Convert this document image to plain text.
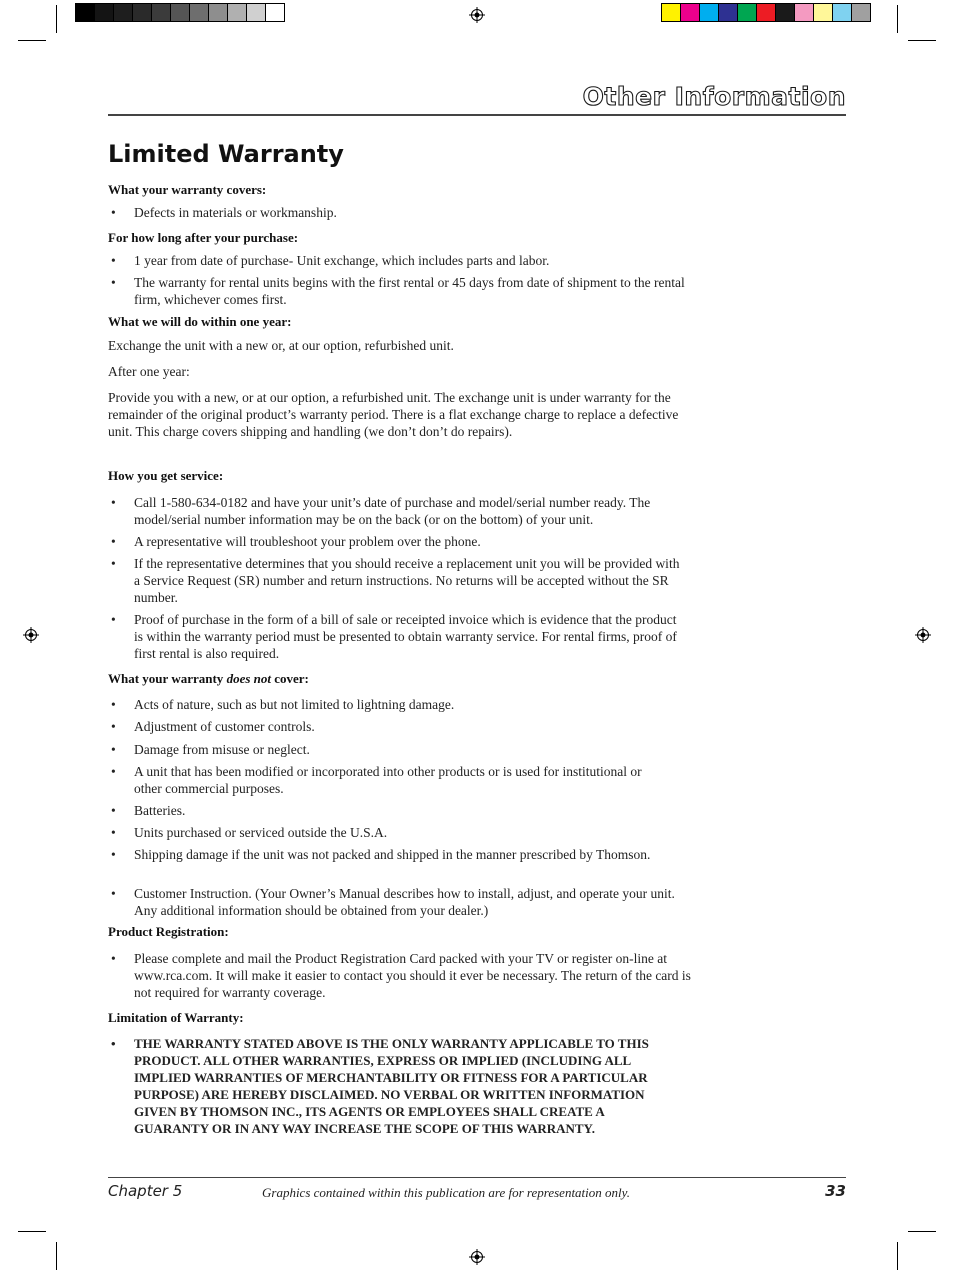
Other Information
Limited Warranty
What your warranty covers:
• Defects in materials or workmanship.
For how long after your purchase:
• 1 year from date of purchase- Unit exchange, which includes parts and labor.
• The warranty for rental units begins with the first rental or 45 days from date of shipment to the rental firm, whichever comes first.
What we will do within one year:
Exchange the unit with a new or, at our option, refurbished unit.
After one year:
Provide you with a new, or at our option, a refurbished unit. The exchange unit is under warranty for the remainder of the original product’s warranty period. There is a flat exchange charge to replace a defective unit. This charge covers shipping and handling (we don’t don’t do repairs).
How you get service:
• Call 1-580-634-0182 and have your unit’s date of purchase and model/serial number ready. The model/serial number information may be on the back (or on the bottom) of your unit.
• A representative will troubleshoot your problem over the phone.
• If the representative determines that you should receive a replacement unit you will be provided with a Service Request (SR) number and return instructions. No returns will be accepted without the SR number.
• Proof of purchase in the form of a bill of sale or receipted invoice which is evidence that the product is within the warranty period must be presented to obtain warranty service. For rental firms, proof of first rental is also required.
What your warranty does not cover:
• Acts of nature, such as but not limited to lightning damage.
• Adjustment of customer controls.
• Damage from misuse or neglect.
• A unit that has been modified or incorporated into other products or is used for institutional or other commercial purposes.
• Batteries.
• Units purchased or serviced outside the U.S.A.
• Shipping damage if the unit was not packed and shipped in the manner prescribed by Thomson.
• Customer Instruction. (Your Owner’s Manual describes how to install, adjust, and operate your unit. Any additional information should be obtained from your dealer.)
Product Registration:
• Please complete and mail the Product Registration Card packed with your TV or register on-line at www.rca.com. It will make it easier to contact you should it ever be necessary. The return of the card is not required for warranty coverage.
Limitation of Warranty:
• THE WARRANTY STATED ABOVE IS THE ONLY WARRANTY APPLICABLE TO THIS PRODUCT. ALL OTHER WARRANTIES, EXPRESS OR IMPLIED (INCLUDING ALL IMPLIED WARRANTIES OF MERCHANTABILITY OR FITNESS FOR A PARTICULAR PURPOSE) ARE HEREBY DISCLAIMED. NO VERBAL OR WRITTEN INFORMATION GIVEN BY THOMSON INC., ITS AGENTS OR EMPLOYEES SHALL CREATE A GUARANTY OR IN ANY WAY INCREASE THE SCOPE OF THIS WARRANTY.
Chapter 5	Graphics contained within this publication are for representation only.	33
